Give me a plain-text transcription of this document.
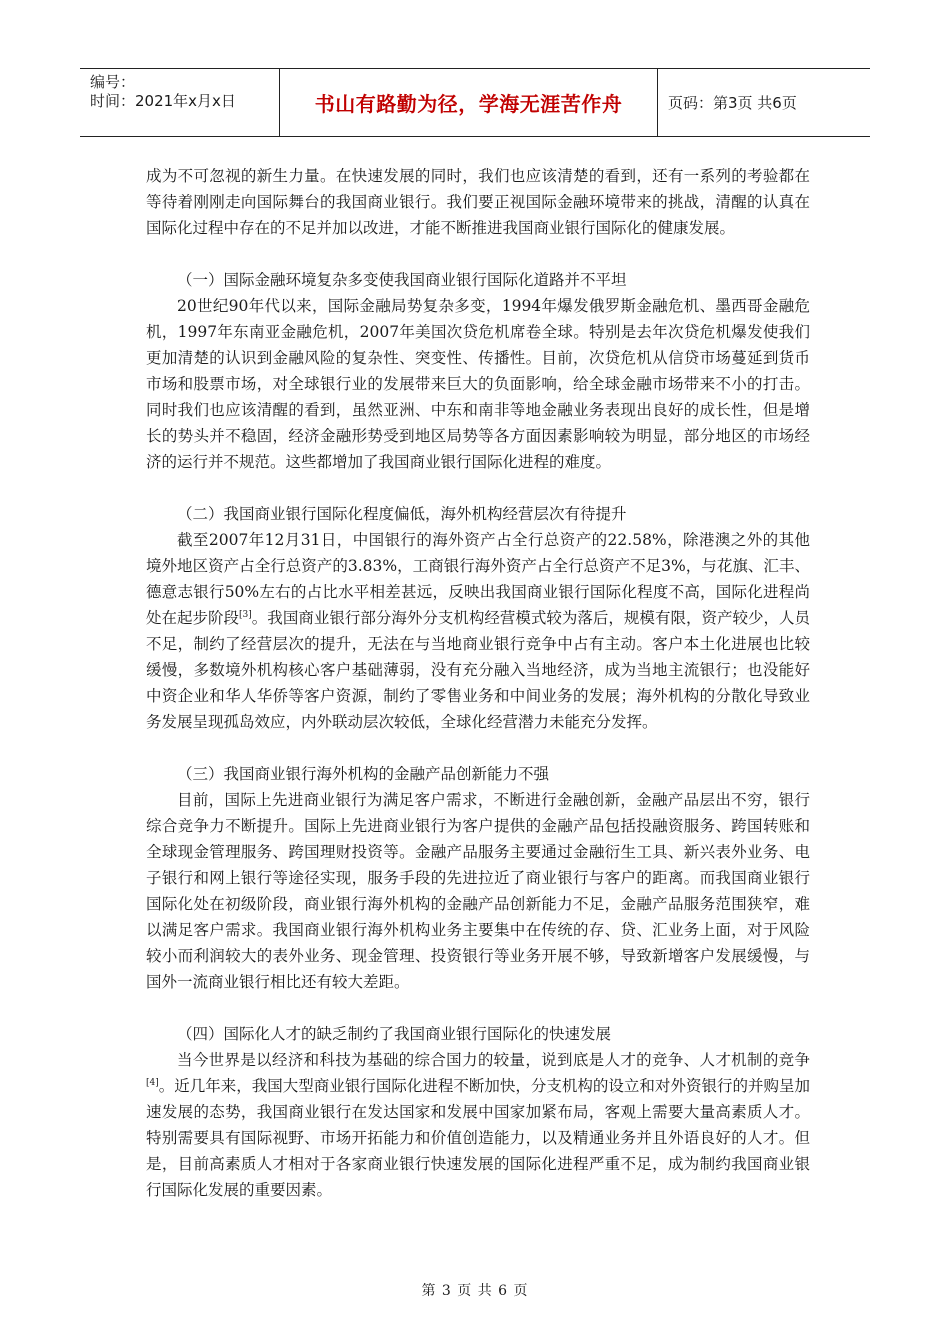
编号：
时间：2021年x月x日	书山有路勤为径，学海无涯苦作舟	页码：第3页 共6页

成为不可忽视的新生力量。在快速发展的同时，我们也应该清楚的看到，还有一系列的考验都在等待着刚刚走向国际舞台的我国商业银行。我们要正视国际金融环境带来的挑战，清醒的认真在国际化过程中存在的不足并加以改进，才能不断推进我国商业银行国际化的健康发展。

（一）国际金融环境复杂多变使我国商业银行国际化道路并不平坦

20世纪90年代以来，国际金融局势复杂多变，1994年爆发俄罗斯金融危机、墨西哥金融危机，1997年东南亚金融危机，2007年美国次贷危机席卷全球。特别是去年次贷危机爆发使我们更加清楚的认识到金融风险的复杂性、突变性、传播性。目前，次贷危机从信贷市场蔓延到货币市场和股票市场，对全球银行业的发展带来巨大的负面影响，给全球金融市场带来不小的打击。同时我们也应该清醒的看到，虽然亚洲、中东和南非等地金融业务表现出良好的成长性，但是增长的势头并不稳固，经济金融形势受到地区局势等各方面因素影响较为明显，部分地区的市场经济的运行并不规范。这些都增加了我国商业银行国际化进程的难度。

（二）我国商业银行国际化程度偏低，海外机构经营层次有待提升

截至2007年12月31日，中国银行的海外资产占全行总资产的22.58%，除港澳之外的其他境外地区资产占全行总资产的3.83%，工商银行海外资产占全行总资产不足3%，与花旗、汇丰、德意志银行50%左右的占比水平相差甚远，反映出我国商业银行国际化程度不高，国际化进程尚处在起步阶段[3]。我国商业银行部分海外分支机构经营模式较为落后，规模有限，资产较少，人员不足，制约了经营层次的提升，无法在与当地商业银行竞争中占有主动。客户本土化进展也比较缓慢，多数境外机构核心客户基础薄弱，没有充分融入当地经济，成为当地主流银行；也没能好中资企业和华人华侨等客户资源，制约了零售业务和中间业务的发展；海外机构的分散化导致业务发展呈现孤岛效应，内外联动层次较低，全球化经营潜力未能充分发挥。

（三）我国商业银行海外机构的金融产品创新能力不强

目前，国际上先进商业银行为满足客户需求，不断进行金融创新，金融产品层出不穷，银行综合竞争力不断提升。国际上先进商业银行为客户提供的金融产品包括投融资服务、跨国转账和全球现金管理服务、跨国理财投资等。金融产品服务主要通过金融衍生工具、新兴表外业务、电子银行和网上银行等途径实现，服务手段的先进拉近了商业银行与客户的距离。而我国商业银行国际化处在初级阶段，商业银行海外机构的金融产品创新能力不足，金融产品服务范围狭窄，难以满足客户需求。我国商业银行海外机构业务主要集中在传统的存、贷、汇业务上面，对于风险较小而利润较大的表外业务、现金管理、投资银行等业务开展不够，导致新增客户发展缓慢，与国外一流商业银行相比还有较大差距。

（四）国际化人才的缺乏制约了我国商业银行国际化的快速发展

当今世界是以经济和科技为基础的综合国力的较量，说到底是人才的竞争、人才机制的竞争[4]。近几年来，我国大型商业银行国际化进程不断加快，分支机构的设立和对外资银行的并购呈加速发展的态势，我国商业银行在发达国家和发展中国家加紧布局，客观上需要大量高素质人才。特别需要具有国际视野、市场开拓能力和价值创造能力，以及精通业务并且外语良好的人才。但是，目前高素质人才相对于各家商业银行快速发展的国际化进程严重不足，成为制约我国商业银行国际化发展的重要因素。

第 3 页 共 6 页
